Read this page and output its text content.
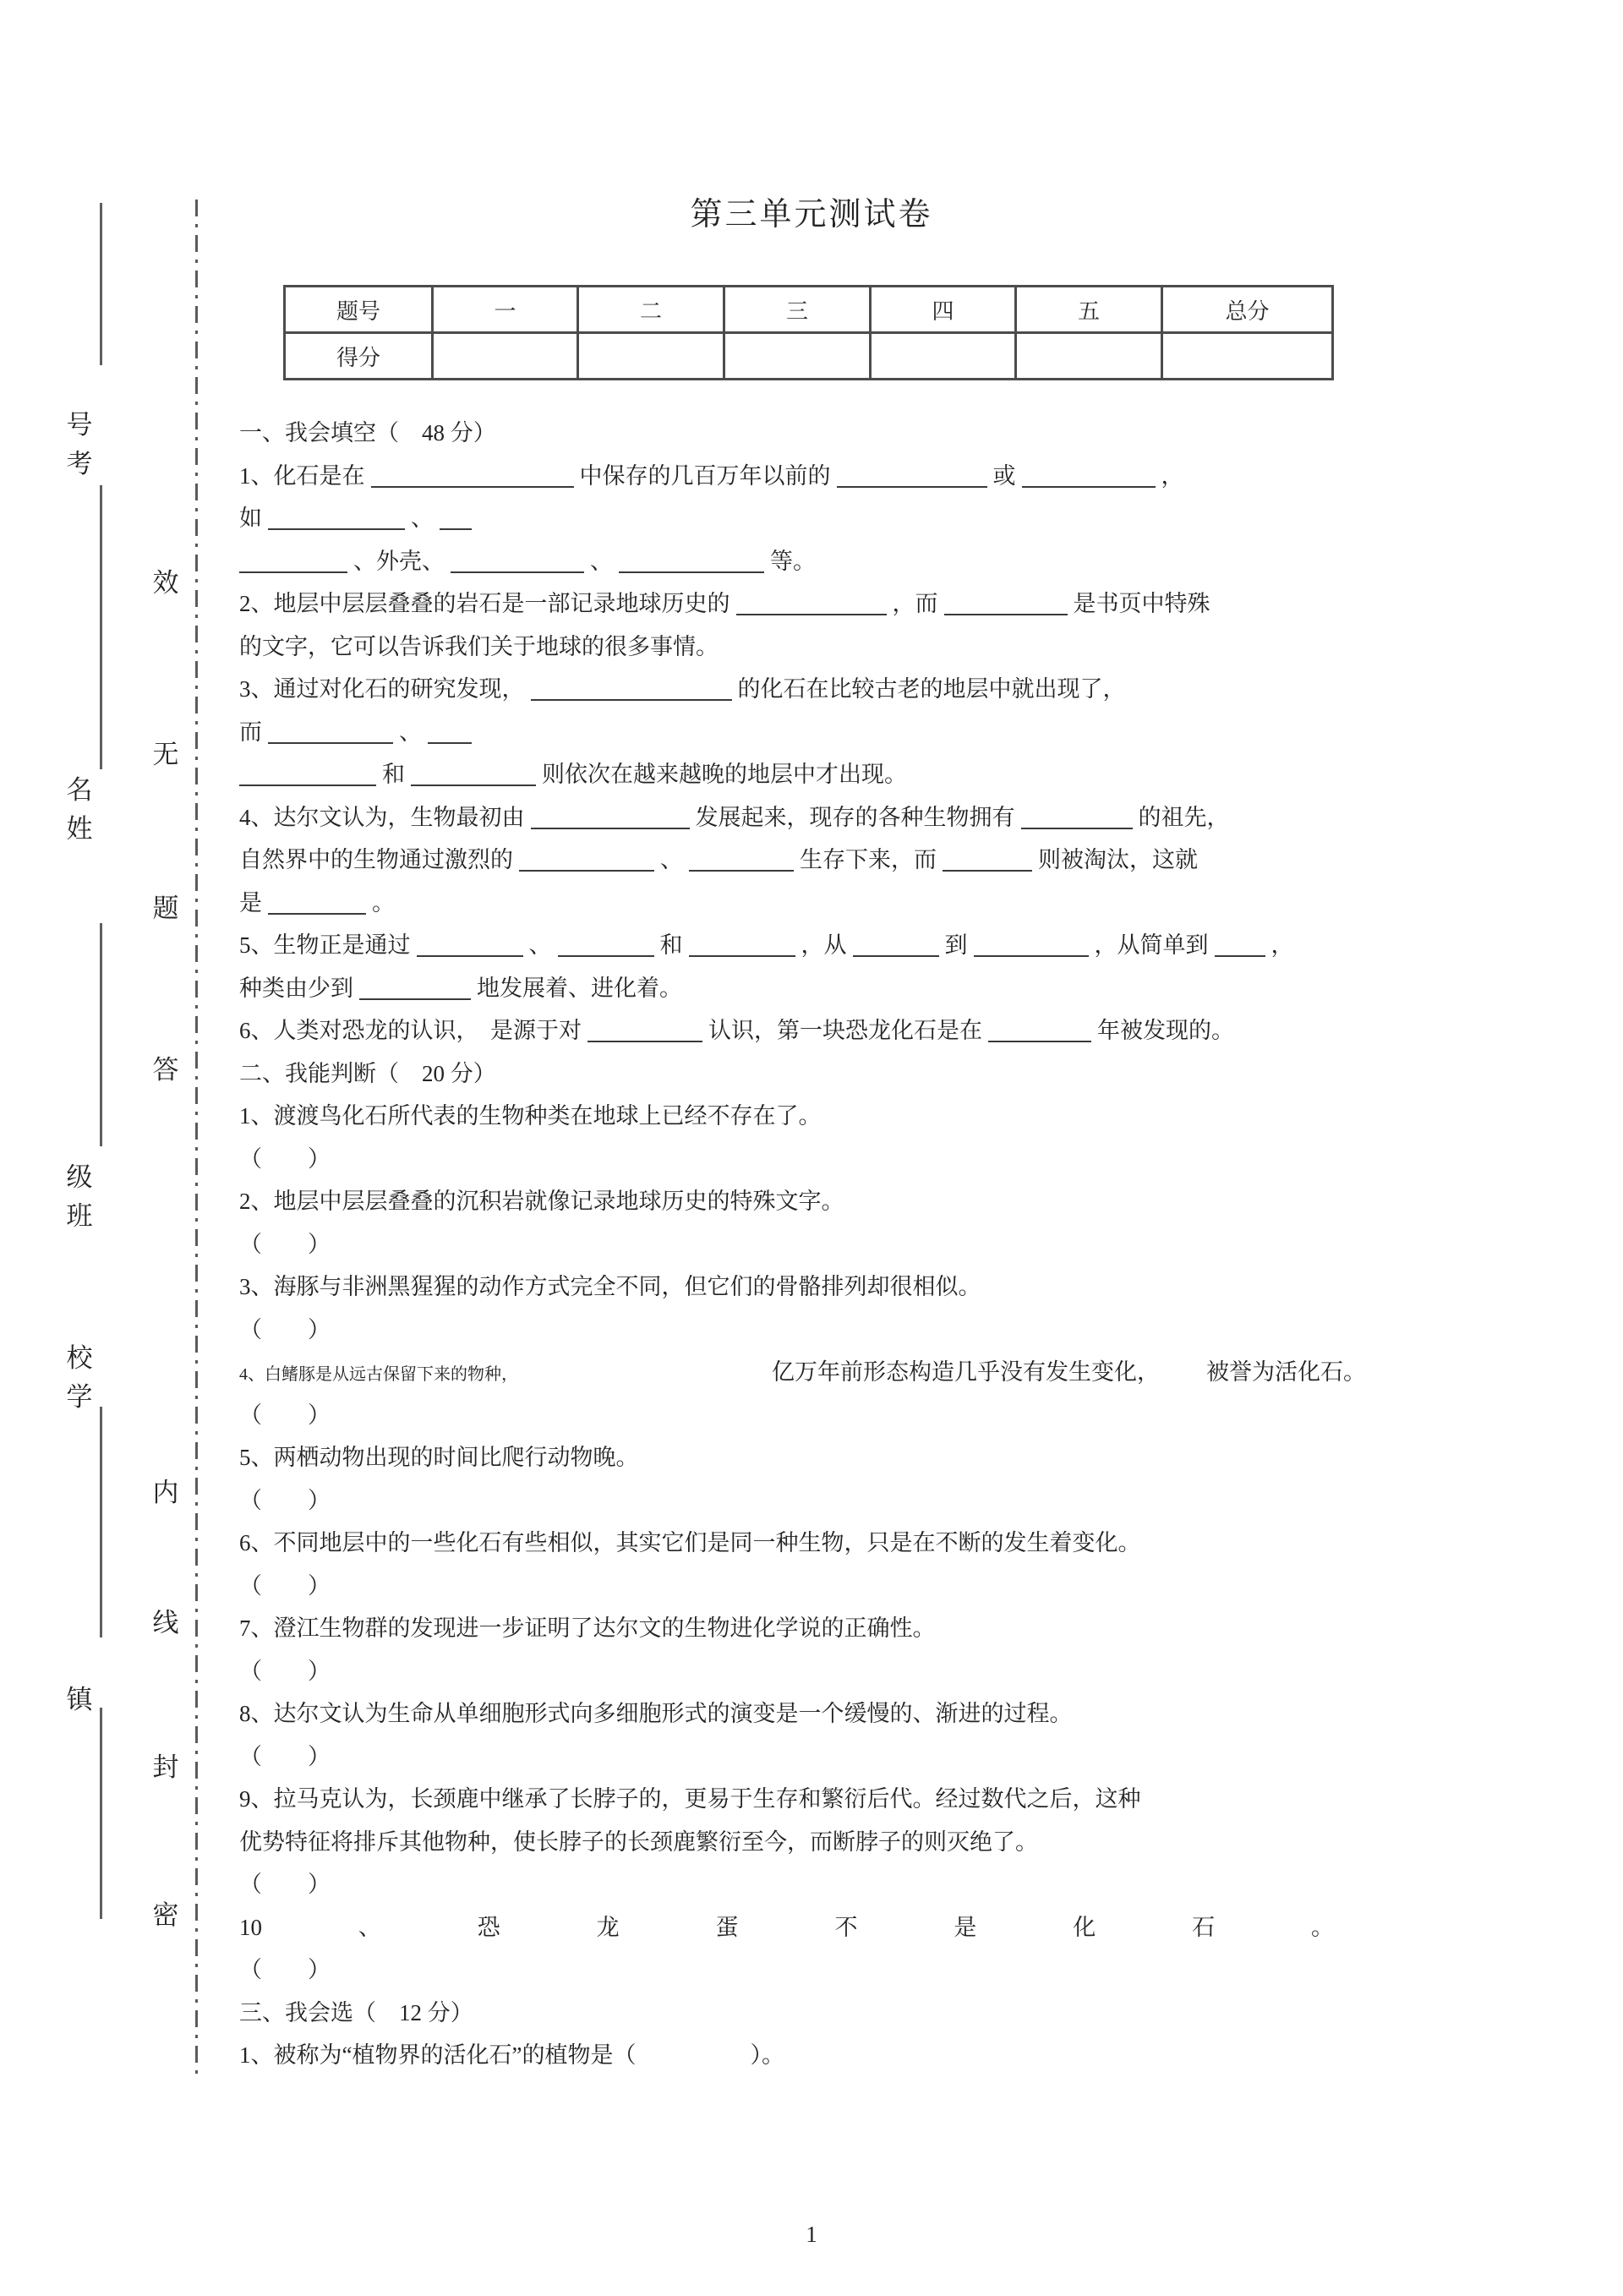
号考
名姓
级班
校学
镇
效
无
题
答
内
线
封
密
第三单元测试卷
题号	一	二	三	四	五	总分
得分						
一、我会填空（　48 分）
1、化石是在	中保存的几百万年以前的	或	，
如	、
、外壳、	、	等。
2、地层中层层叠叠的岩石是一部记录地球历史的	，而	是书页中特殊
的文字，它可以告诉我们关于地球的很多事情。
3、通过对化石的研究发现，	的化石在比较古老的地层中就出现了，
而	、
和	则依次在越来越晚的地层中才出现。
4、达尔文认为，生物最初由	发展起来，现存的各种生物拥有	的祖先，
自然界中的生物通过激烈的	、	生存下来，而	则被淘汰，这就
是	。
5、生物正是通过	、	和	，从	到	，从简单到	，
种类由少到	地发展着、进化着。
6、人类对恐龙的认识，　是源于对	认识，第一块恐龙化石是在	年被发现的。
二、我能判断（　20 分）
1、渡渡鸟化石所代表的生物种类在地球上已经不存在了。
（　　）
2、地层中层层叠叠的沉积岩就像记录地球历史的特殊文字。
（　　）
3、海豚与非洲黑猩猩的动作方式完全不同，但它们的骨骼排列却很相似。
（　　）
4、白鳍豚是从远古保留下来的物种，	亿万年前形态构造几乎没有发生变化， 被誉为活化石。
（　　）
5、两栖动物出现的时间比爬行动物晚。
（　　）
6、不同地层中的一些化石有些相似，其实它们是同一种生物，只是在不断的发生着变化。
（　　）
7、澄江生物群的发现进一步证明了达尔文的生物进化学说的正确性。
（　　）
8、达尔文认为生命从单细胞形式向多细胞形式的演变是一个缓慢的、渐进的过程。
（　　）
9、拉马克认为，长颈鹿中继承了长脖子的，更易于生存和繁衍后代。经过数代之后，这种
优势特征将排斥其他物种，使长脖子的长颈鹿繁衍至今，而断脖子的则灭绝了。
（　　）
10、恐龙蛋不是化石。
（　　）
三、我会选（　12 分）
1、被称为“植物界的活化石”的植物是（　　　　　）。
1
